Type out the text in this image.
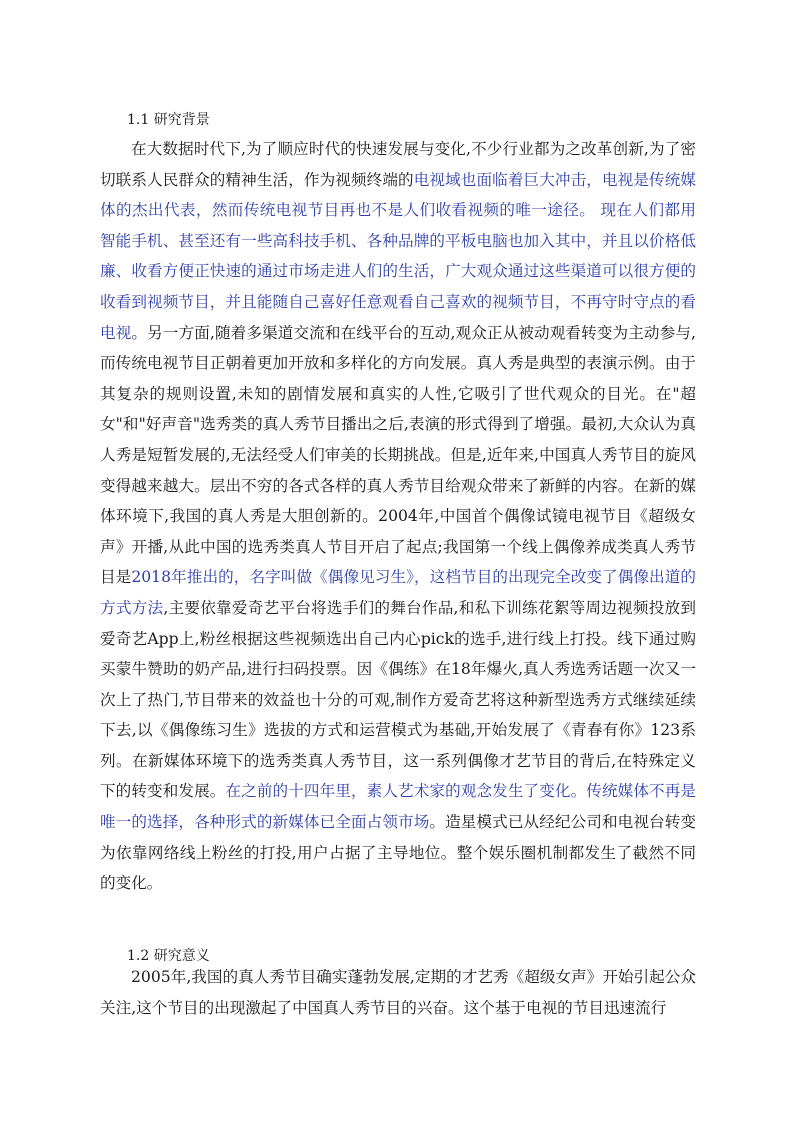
1.1 研究背景

在大数据时代下,为了顺应时代的快速发展与变化,不少行业都为之改革创新,为了密切联系人民群众的精神生活，作为视频终端的电视域也面临着巨大冲击，电视是传统媒体的杰出代表，然而传统电视节目再也不是人们收看视频的唯一途径。 现在人们都用智能手机、甚至还有一些高科技手机、各种品牌的平板电脑也加入其中，并且以价格低廉、收看方便正快速的通过市场走进人们的生活，广大观众通过这些渠道可以很方便的收看到视频节目，并且能随自己喜好任意观看自己喜欢的视频节目，不再守时守点的看电视。另一方面,随着多渠道交流和在线平台的互动,观众正从被动观看转变为主动参与,而传统电视节目正朝着更加开放和多样化的方向发展。真人秀是典型的表演示例。由于其复杂的规则设置,未知的剧情发展和真实的人性,它吸引了世代观众的目光。在"超女"和"好声音"选秀类的真人秀节目播出之后,表演的形式得到了增强。最初,大众认为真人秀是短暂发展的,无法经受人们审美的长期挑战。但是,近年来,中国真人秀节目的旋风变得越来越大。层出不穷的各式各样的真人秀节目给观众带来了新鲜的内容。在新的媒体环境下,我国的真人秀是大胆创新的。2004年,中国首个偶像试镜电视节目《超级女声》开播,从此中国的选秀类真人节目开启了起点;我国第一个线上偶像养成类真人秀节目是2018年推出的，名字叫做《偶像见习生》，这档节目的出现完全改变了偶像出道的方式方法,主要依靠爱奇艺平台将选手们的舞台作品,和私下训练花絮等周边视频投放到爱奇艺App上,粉丝根据这些视频选出自己内心pick的选手,进行线上打投。线下通过购买蒙牛赞助的奶产品,进行扫码投票。因《偶练》在18年爆火,真人秀选秀话题一次又一次上了热门,节目带来的效益也十分的可观,制作方爱奇艺将这种新型选秀方式继续延续下去,以《偶像练习生》选拔的方式和运营模式为基础,开始发展了《青春有你》123系列。在新媒体环境下的选秀类真人秀节目，这一系列偶像才艺节目的背后,在特殊定义下的转变和发展。在之前的十四年里，素人艺术家的观念发生了变化。传统媒体不再是唯一的选择，各种形式的新媒体已全面占领市场。造星模式已从经纪公司和电视台转变为依靠网络线上粉丝的打投,用户占据了主导地位。整个娱乐圈机制都发生了截然不同的变化。

1.2 研究意义

2005年,我国的真人秀节目确实蓬勃发展,定期的才艺秀《超级女声》开始引起公众关注,这个节目的出现激起了中国真人秀节目的兴奋。这个基于电视的节目迅速流行
